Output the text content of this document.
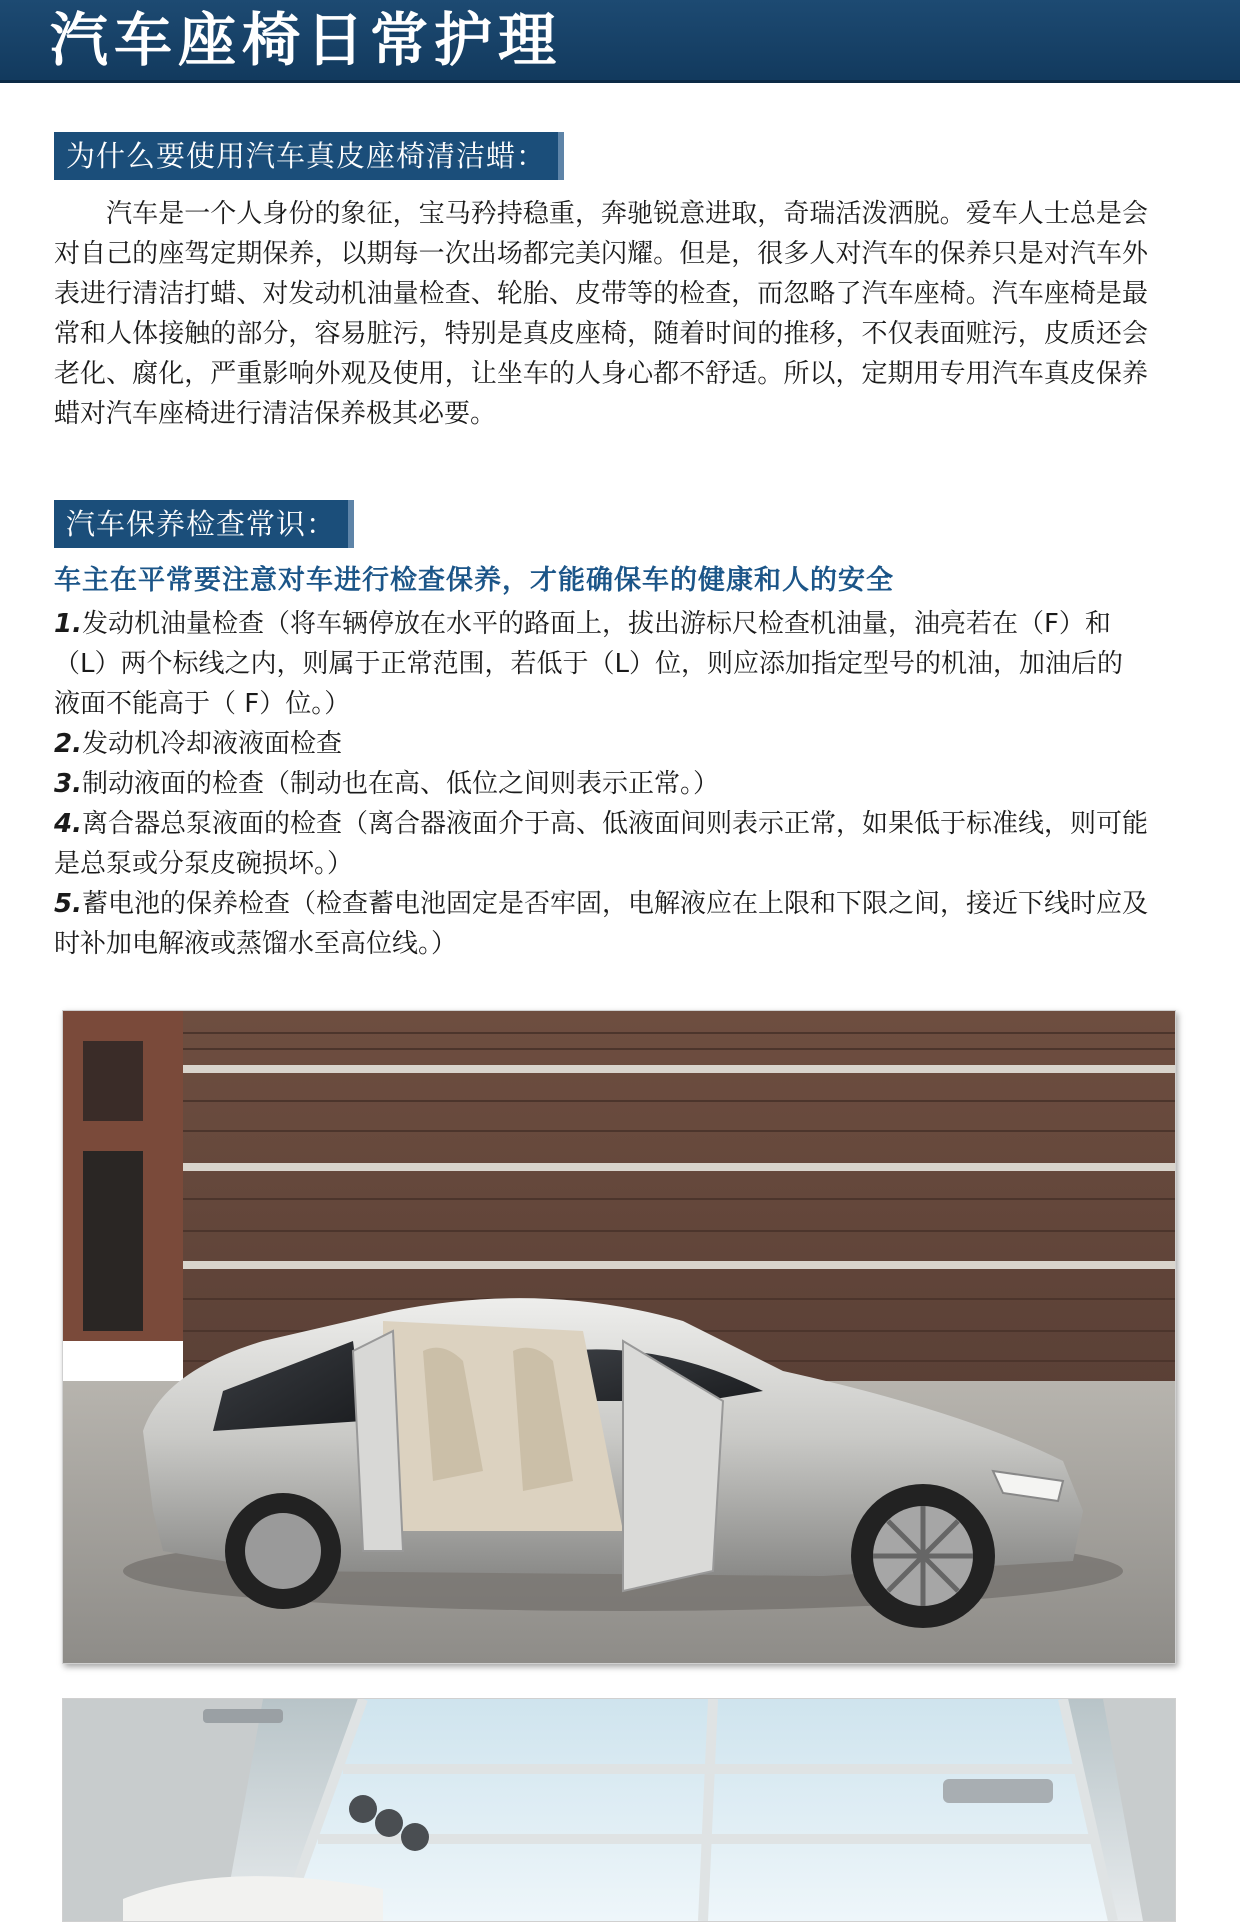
汽车座椅日常护理
为什么要使用汽车真皮座椅清洁蜡：

　　汽车是一个人身份的象征，宝马矜持稳重，奔驰锐意进取，奇瑞活泼洒脱。爱车人士总是会对自己的座驾定期保养，以期每一次出场都完美闪耀。但是，很多人对汽车的保养只是对汽车外表进行清洁打蜡、对发动机油量检查、轮胎、皮带等的检查，而忽略了汽车座椅。汽车座椅是最常和人体接触的部分，容易脏污，特别是真皮座椅，随着时间的推移，不仅表面赃污，皮质还会老化、腐化，严重影响外观及使用，让坐车的人身心都不舒适。所以，定期用专用汽车真皮保养蜡对汽车座椅进行清洁保养极其必要。

汽车保养检查常识：
车主在平常要注意对车进行检查保养，才能确保车的健康和人的安全
1.发动机油量检查（将车辆停放在水平的路面上，拔出游标尺检查机油量，油亮若在（F）和（L）两个标线之内，则属于正常范围，若低于（L）位，则应添加指定型号的机油，加油后的液面不能高于（ F）位。）
2.发动机冷却液液面检查
3.制动液面的检查（制动也在高、低位之间则表示正常。）
4.离合器总泵液面的检查（离合器液面介于高、低液面间则表示正常，如果低于标准线，则可能是总泵或分泵皮碗损坏。）
5.蓄电池的保养检查（检查蓄电池固定是否牢固，电解液应在上限和下限之间，接近下线时应及时补加电解液或蒸馏水至高位线。）
